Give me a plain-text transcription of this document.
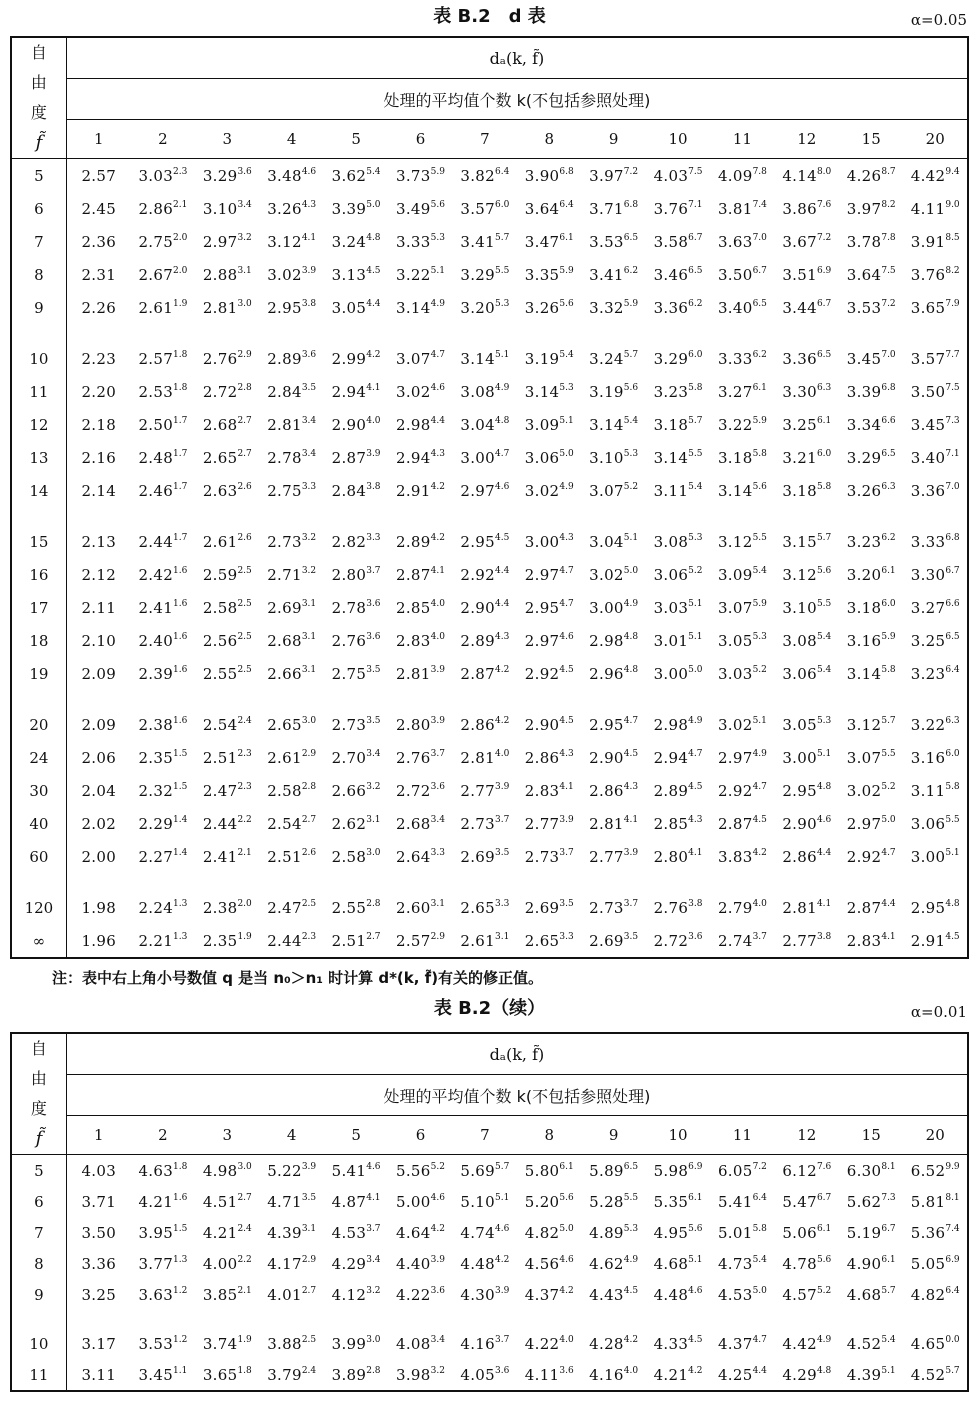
表 B.2　d 表	α=0.05
自
由
度
f̃	dₐ(k, f̃)													
	处理的平均值个数 k(不包括参照处理)													
	1	2	3	4	5	6	7	8	9	10	11	12	15	20
5	2.57	$3.03^{2.3}$	$3.29^{3.6}$	$3.48^{4.6}$	$3.62^{5.4}$	$3.73^{5.9}$	$3.82^{6.4}$	$3.90^{6.8}$	$3.97^{7.2}$	$4.03^{7.5}$	$4.09^{7.8}$	$4.14^{8.0}$	$4.26^{8.7}$	$4.42^{9.4}$
6	2.45	$2.86^{2.1}$	$3.10^{3.4}$	$3.26^{4.3}$	$3.39^{5.0}$	$3.49^{5.6}$	$3.57^{6.0}$	$3.64^{6.4}$	$3.71^{6.8}$	$3.76^{7.1}$	$3.81^{7.4}$	$3.86^{7.6}$	$3.97^{8.2}$	$4.11^{9.0}$
7	2.36	$2.75^{2.0}$	$2.97^{3.2}$	$3.12^{4.1}$	$3.24^{4.8}$	$3.33^{5.3}$	$3.41^{5.7}$	$3.47^{6.1}$	$3.53^{6.5}$	$3.58^{6.7}$	$3.63^{7.0}$	$3.67^{7.2}$	$3.78^{7.8}$	$3.91^{8.5}$
8	2.31	$2.67^{2.0}$	$2.88^{3.1}$	$3.02^{3.9}$	$3.13^{4.5}$	$3.22^{5.1}$	$3.29^{5.5}$	$3.35^{5.9}$	$3.41^{6.2}$	$3.46^{6.5}$	$3.50^{6.7}$	$3.51^{6.9}$	$3.64^{7.5}$	$3.76^{8.2}$
9	2.26	$2.61^{1.9}$	$2.81^{3.0}$	$2.95^{3.8}$	$3.05^{4.4}$	$3.14^{4.9}$	$3.20^{5.3}$	$3.26^{5.6}$	$3.32^{5.9}$	$3.36^{6.2}$	$3.40^{6.5}$	$3.44^{6.7}$	$3.53^{7.2}$	$3.65^{7.9}$

10	2.23	$2.57^{1.8}$	$2.76^{2.9}$	$2.89^{3.6}$	$2.99^{4.2}$	$3.07^{4.7}$	$3.14^{5.1}$	$3.19^{5.4}$	$3.24^{5.7}$	$3.29^{6.0}$	$3.33^{6.2}$	$3.36^{6.5}$	$3.45^{7.0}$	$3.57^{7.7}$
11	2.20	$2.53^{1.8}$	$2.72^{2.8}$	$2.84^{3.5}$	$2.94^{4.1}$	$3.02^{4.6}$	$3.08^{4.9}$	$3.14^{5.3}$	$3.19^{5.6}$	$3.23^{5.8}$	$3.27^{6.1}$	$3.30^{6.3}$	$3.39^{6.8}$	$3.50^{7.5}$
12	2.18	$2.50^{1.7}$	$2.68^{2.7}$	$2.81^{3.4}$	$2.90^{4.0}$	$2.98^{4.4}$	$3.04^{4.8}$	$3.09^{5.1}$	$3.14^{5.4}$	$3.18^{5.7}$	$3.22^{5.9}$	$3.25^{6.1}$	$3.34^{6.6}$	$3.45^{7.3}$
13	2.16	$2.48^{1.7}$	$2.65^{2.7}$	$2.78^{3.4}$	$2.87^{3.9}$	$2.94^{4.3}$	$3.00^{4.7}$	$3.06^{5.0}$	$3.10^{5.3}$	$3.14^{5.5}$	$3.18^{5.8}$	$3.21^{6.0}$	$3.29^{6.5}$	$3.40^{7.1}$
14	2.14	$2.46^{1.7}$	$2.63^{2.6}$	$2.75^{3.3}$	$2.84^{3.8}$	$2.91^{4.2}$	$2.97^{4.6}$	$3.02^{4.9}$	$3.07^{5.2}$	$3.11^{5.4}$	$3.14^{5.6}$	$3.18^{5.8}$	$3.26^{6.3}$	$3.36^{7.0}$

15	2.13	$2.44^{1.7}$	$2.61^{2.6}$	$2.73^{3.2}$	$2.82^{3.3}$	$2.89^{4.2}$	$2.95^{4.5}$	$3.00^{4.3}$	$3.04^{5.1}$	$3.08^{5.3}$	$3.12^{5.5}$	$3.15^{5.7}$	$3.23^{6.2}$	$3.33^{6.8}$
16	2.12	$2.42^{1.6}$	$2.59^{2.5}$	$2.71^{3.2}$	$2.80^{3.7}$	$2.87^{4.1}$	$2.92^{4.4}$	$2.97^{4.7}$	$3.02^{5.0}$	$3.06^{5.2}$	$3.09^{5.4}$	$3.12^{5.6}$	$3.20^{6.1}$	$3.30^{6.7}$
17	2.11	$2.41^{1.6}$	$2.58^{2.5}$	$2.69^{3.1}$	$2.78^{3.6}$	$2.85^{4.0}$	$2.90^{4.4}$	$2.95^{4.7}$	$3.00^{4.9}$	$3.03^{5.1}$	$3.07^{5.9}$	$3.10^{5.5}$	$3.18^{6.0}$	$3.27^{6.6}$
18	2.10	$2.40^{1.6}$	$2.56^{2.5}$	$2.68^{3.1}$	$2.76^{3.6}$	$2.83^{4.0}$	$2.89^{4.3}$	$2.97^{4.6}$	$2.98^{4.8}$	$3.01^{5.1}$	$3.05^{5.3}$	$3.08^{5.4}$	$3.16^{5.9}$	$3.25^{6.5}$
19	2.09	$2.39^{1.6}$	$2.55^{2.5}$	$2.66^{3.1}$	$2.75^{3.5}$	$2.81^{3.9}$	$2.87^{4.2}$	$2.92^{4.5}$	$2.96^{4.8}$	$3.00^{5.0}$	$3.03^{5.2}$	$3.06^{5.4}$	$3.14^{5.8}$	$3.23^{6.4}$

20	2.09	$2.38^{1.6}$	$2.54^{2.4}$	$2.65^{3.0}$	$2.73^{3.5}$	$2.80^{3.9}$	$2.86^{4.2}$	$2.90^{4.5}$	$2.95^{4.7}$	$2.98^{4.9}$	$3.02^{5.1}$	$3.05^{5.3}$	$3.12^{5.7}$	$3.22^{6.3}$
24	2.06	$2.35^{1.5}$	$2.51^{2.3}$	$2.61^{2.9}$	$2.70^{3.4}$	$2.76^{3.7}$	$2.81^{4.0}$	$2.86^{4.3}$	$2.90^{4.5}$	$2.94^{4.7}$	$2.97^{4.9}$	$3.00^{5.1}$	$3.07^{5.5}$	$3.16^{6.0}$
30	2.04	$2.32^{1.5}$	$2.47^{2.3}$	$2.58^{2.8}$	$2.66^{3.2}$	$2.72^{3.6}$	$2.77^{3.9}$	$2.83^{4.1}$	$2.86^{4.3}$	$2.89^{4.5}$	$2.92^{4.7}$	$2.95^{4.8}$	$3.02^{5.2}$	$3.11^{5.8}$
40	2.02	$2.29^{1.4}$	$2.44^{2.2}$	$2.54^{2.7}$	$2.62^{3.1}$	$2.68^{3.4}$	$2.73^{3.7}$	$2.77^{3.9}$	$2.81^{4.1}$	$2.85^{4.3}$	$2.87^{4.5}$	$2.90^{4.6}$	$2.97^{5.0}$	$3.06^{5.5}$
60	2.00	$2.27^{1.4}$	$2.41^{2.1}$	$2.51^{2.6}$	$2.58^{3.0}$	$2.64^{3.3}$	$2.69^{3.5}$	$2.73^{3.7}$	$2.77^{3.9}$	$2.80^{4.1}$	$3.83^{4.2}$	$2.86^{4.4}$	$2.92^{4.7}$	$3.00^{5.1}$

120	1.98	$2.24^{1.3}$	$2.38^{2.0}$	$2.47^{2.5}$	$2.55^{2.8}$	$2.60^{3.1}$	$2.65^{3.3}$	$2.69^{3.5}$	$2.73^{3.7}$	$2.76^{3.8}$	$2.79^{4.0}$	$2.81^{4.1}$	$2.87^{4.4}$	$2.95^{4.8}$
∞	1.96	$2.21^{1.3}$	$2.35^{1.9}$	$2.44^{2.3}$	$2.51^{2.7}$	$2.57^{2.9}$	$2.61^{3.1}$	$2.65^{3.3}$	$2.69^{3.5}$	$2.72^{3.6}$	$2.74^{3.7}$	$2.77^{3.8}$	$2.83^{4.1}$	$2.91^{4.5}$
注：表中右上角小号数值 q 是当 n₀＞n₁ 时计算 d*(k, f̃)有关的修正值。
表 B.2（续）	α=0.01
自
由
度
f̃	dₐ(k, f̃)													
	处理的平均值个数 k(不包括参照处理)													
	1	2	3	4	5	6	7	8	9	10	11	12	15	20
5	4.03	$4.63^{1.8}$	$4.98^{3.0}$	$5.22^{3.9}$	$5.41^{4.6}$	$5.56^{5.2}$	$5.69^{5.7}$	$5.80^{6.1}$	$5.89^{6.5}$	$5.98^{6.9}$	$6.05^{7.2}$	$6.12^{7.6}$	$6.30^{8.1}$	$6.52^{9.9}$
6	3.71	$4.21^{1.6}$	$4.51^{2.7}$	$4.71^{3.5}$	$4.87^{4.1}$	$5.00^{4.6}$	$5.10^{5.1}$	$5.20^{5.6}$	$5.28^{5.5}$	$5.35^{6.1}$	$5.41^{6.4}$	$5.47^{6.7}$	$5.62^{7.3}$	$5.81^{8.1}$
7	3.50	$3.95^{1.5}$	$4.21^{2.4}$	$4.39^{3.1}$	$4.53^{3.7}$	$4.64^{4.2}$	$4.74^{4.6}$	$4.82^{5.0}$	$4.89^{5.3}$	$4.95^{5.6}$	$5.01^{5.8}$	$5.06^{6.1}$	$5.19^{6.7}$	$5.36^{7.4}$
8	3.36	$3.77^{1.3}$	$4.00^{2.2}$	$4.17^{2.9}$	$4.29^{3.4}$	$4.40^{3.9}$	$4.48^{4.2}$	$4.56^{4.6}$	$4.62^{4.9}$	$4.68^{5.1}$	$4.73^{5.4}$	$4.78^{5.6}$	$4.90^{6.1}$	$5.05^{6.9}$
9	3.25	$3.63^{1.2}$	$3.85^{2.1}$	$4.01^{2.7}$	$4.12^{3.2}$	$4.22^{3.6}$	$4.30^{3.9}$	$4.37^{4.2}$	$4.43^{4.5}$	$4.48^{4.6}$	$4.53^{5.0}$	$4.57^{5.2}$	$4.68^{5.7}$	$4.82^{6.4}$

10	3.17	$3.53^{1.2}$	$3.74^{1.9}$	$3.88^{2.5}$	$3.99^{3.0}$	$4.08^{3.4}$	$4.16^{3.7}$	$4.22^{4.0}$	$4.28^{4.2}$	$4.33^{4.5}$	$4.37^{4.7}$	$4.42^{4.9}$	$4.52^{5.4}$	$4.65^{0.0}$
11	3.11	$3.45^{1.1}$	$3.65^{1.8}$	$3.79^{2.4}$	$3.89^{2.8}$	$3.98^{3.2}$	$4.05^{3.6}$	$4.11^{3.6}$	$4.16^{4.0}$	$4.21^{4.2}$	$4.25^{4.4}$	$4.29^{4.8}$	$4.39^{5.1}$	$4.52^{5.7}$
